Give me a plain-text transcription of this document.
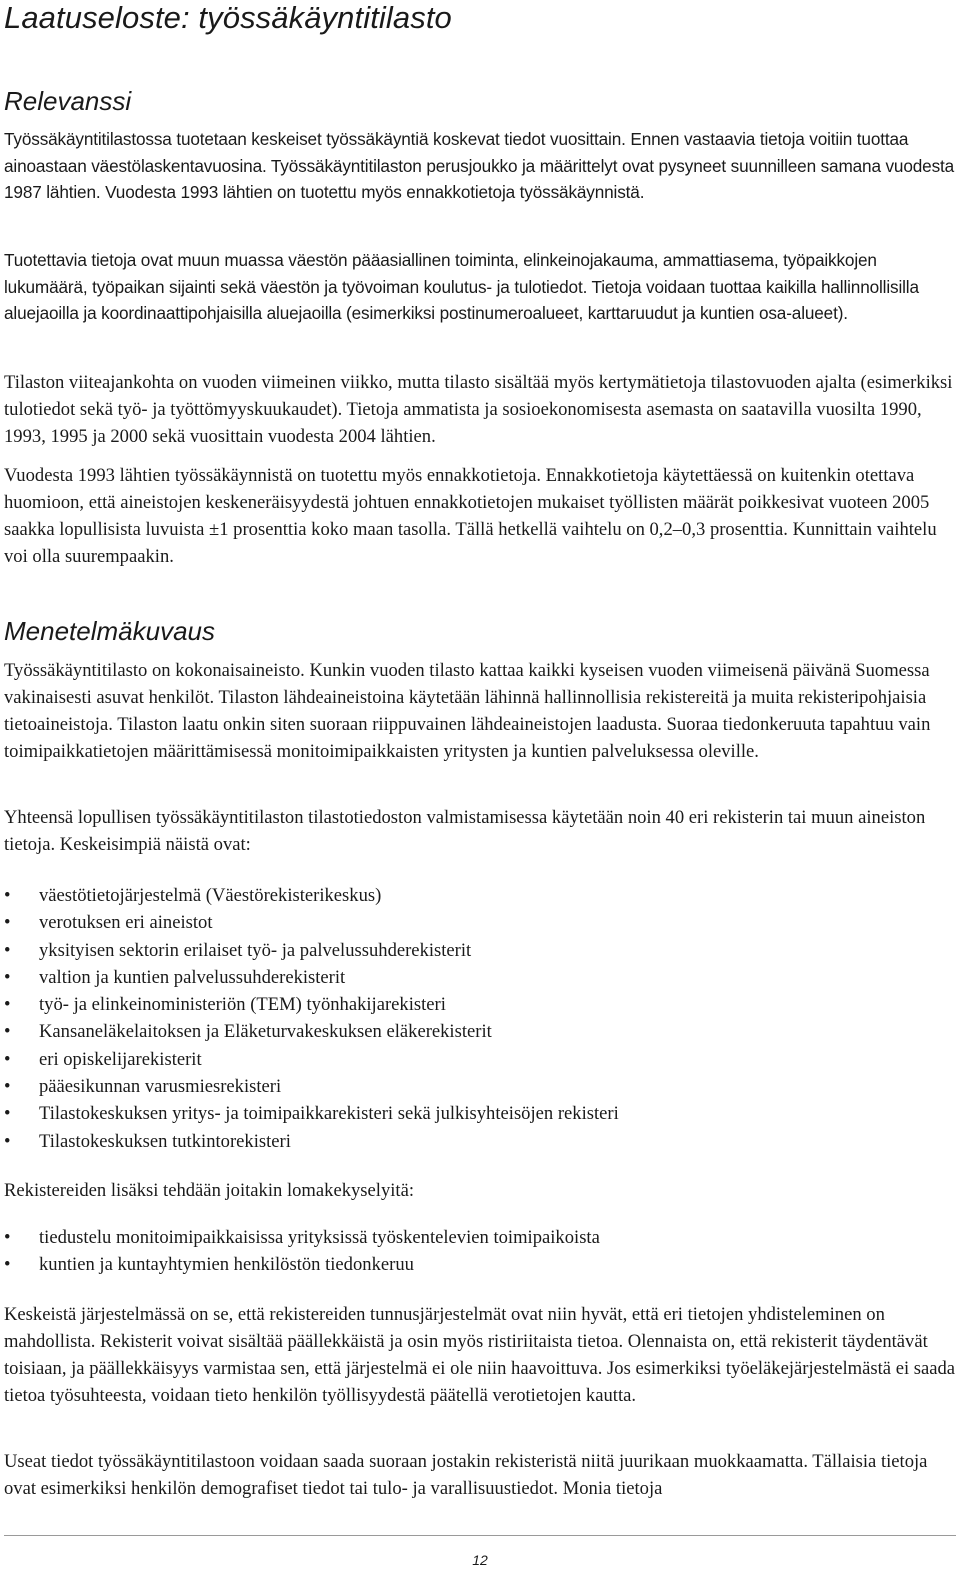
Laatuseloste: työssäkäyntitilasto
Relevanssi

Työssäkäyntitilastossa tuotetaan keskeiset työssäkäyntiä koskevat tiedot vuosittain. Ennen vastaavia tietoja voitiin tuottaa ainoastaan väestölaskentavuosina. Työssäkäyntitilaston perusjoukko ja määrittelyt ovat pysyneet suunnilleen samana vuodesta 1987 lähtien. Vuodesta 1993 lähtien on tuotettu myös ennakkotietoja työssäkäynnistä.

Tuotettavia tietoja ovat muun muassa väestön pääasiallinen toiminta, elinkeinojakauma, ammattiasema, työpaikkojen lukumäärä, työpaikan sijainti sekä väestön ja työvoiman koulutus- ja tulotiedot. Tietoja voidaan tuottaa kaikilla hallinnollisilla aluejaoilla ja koordinaattipohjaisilla aluejaoilla (esimerkiksi postinumeroalueet, karttaruudut ja kuntien osa-alueet).

Tilaston viiteajankohta on vuoden viimeinen viikko, mutta tilasto sisältää myös kertymätietoja tilastovuoden ajalta (esimerkiksi tulotiedot sekä työ- ja työttömyyskuukaudet). Tietoja ammatista ja sosioekonomisesta asemasta on saatavilla vuosilta 1990, 1993, 1995 ja 2000 sekä vuosittain vuodesta 2004 lähtien.

Vuodesta 1993 lähtien työssäkäynnistä on tuotettu myös ennakkotietoja. Ennakkotietoja käytettäessä on kuitenkin otettava huomioon, että aineistojen keskeneräisyydestä johtuen ennakkotietojen mukaiset työllisten määrät poikkesivat vuoteen 2005 saakka lopullisista luvuista ±1 prosenttia koko maan tasolla. Tällä hetkellä vaihtelu on 0,2–0,3 prosenttia. Kunnittain vaihtelu voi olla suurempaakin.

Menetelmäkuvaus

Työssäkäyntitilasto on kokonaisaineisto. Kunkin vuoden tilasto kattaa kaikki kyseisen vuoden viimeisenä päivänä Suomessa vakinaisesti asuvat henkilöt. Tilaston lähdeaineistoina käytetään lähinnä hallinnollisia rekistereitä ja muita rekisteripohjaisia tietoaineistoja. Tilaston laatu onkin siten suoraan riippuvainen lähdeaineistojen laadusta. Suoraa tiedonkeruuta tapahtuu vain toimipaikkatietojen määrittämisessä monitoimipaikkaisten yritysten ja kuntien palveluksessa oleville.

Yhteensä lopullisen työssäkäyntitilaston tilastotiedoston valmistamisessa käytetään noin 40 eri rekisterin tai muun aineiston tietoja. Keskeisimpiä näistä ovat:

• väestötietojärjestelmä (Väestörekisterikeskus)
• verotuksen eri aineistot
• yksityisen sektorin erilaiset työ- ja palvelussuhderekisterit
• valtion ja kuntien palvelussuhderekisterit
• työ- ja elinkeinoministeriön (TEM) työnhakijarekisteri
• Kansaneläkelaitoksen ja Eläketurvakeskuksen eläkerekisterit
• eri opiskelijarekisterit
• pääesikunnan varusmiesrekisteri
• Tilastokeskuksen yritys- ja toimipaikkarekisteri sekä julkisyhteisöjen rekisteri
• Tilastokeskuksen tutkintorekisteri

Rekistereiden lisäksi tehdään joitakin lomakekyselyitä:

• tiedustelu monitoimipaikkaisissa yrityksissä työskentelevien toimipaikoista
• kuntien ja kuntayhtymien henkilöstön tiedonkeruu

Keskeistä järjestelmässä on se, että rekistereiden tunnusjärjestelmät ovat niin hyvät, että eri tietojen yhdisteleminen on mahdollista. Rekisterit voivat sisältää päällekkäistä ja osin myös ristiriitaista tietoa. Olennaista on, että rekisterit täydentävät toisiaan, ja päällekkäisyys varmistaa sen, että järjestelmä ei ole niin haavoittuva. Jos esimerkiksi työeläkejärjestelmästä ei saada tietoa työsuhteesta, voidaan tieto henkilön työllisyydestä päätellä verotietojen kautta.

Useat tiedot työssäkäyntitilastoon voidaan saada suoraan jostakin rekisteristä niitä juurikaan muokkaamatta. Tällaisia tietoja ovat esimerkiksi henkilön demografiset tiedot tai tulo- ja varallisuustiedot. Monia tietoja

12
